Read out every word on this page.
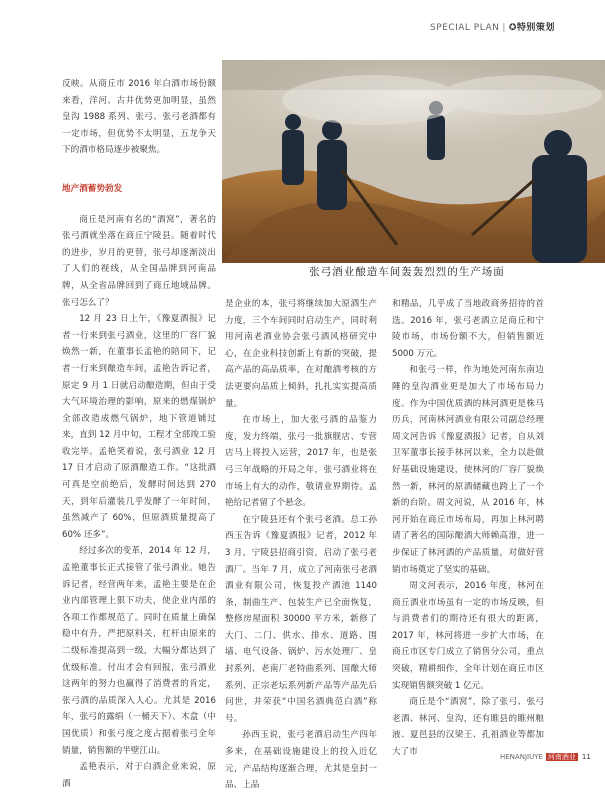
SPECIAL PLAN | ✪特别策划

反映。从商丘市 2016 年白酒市场份额来看，洋河、古井优势更加明显，虽然皇沟 1988 系列、张弓、张弓老酒都有一定市场，但优势不太明显，五龙争天下的酒市格局逐步被聚焦。

地产酒蓄势勃发

商丘是河南有名的“酒窝”，著名的张弓酒就坐落在商丘宁陵县。随着时代的进步，岁月的更替，张弓却逐渐淡出了人们的视线，从全国品牌到河南品牌，从全省品牌回到了商丘地域品牌。张弓怎么了？

12 月 23 日上午，《豫夏酒报》记者一行来到张弓酒业，这里的厂容厂貌焕然一新，在董事长孟艳的陪同下，记者一行来到酿造车间，孟艳告诉记者，原定 9 月 1 日就启动酿造期，但由于受大气环境治理的影响，原来的燃煤锅炉全部改造成燃气锅炉，地下管道铺过来，直到 12 月中旬，工程才全部竣工验收完毕。孟艳笑着说，张弓酒业 12 月 17 日才启动了原酒酿造工作。“这批酒可真是空前绝后，发酵时间达到 270 天，到年后灌装几乎发酵了一年时间，虽然减产了 60%，但原酒质量提高了 60% 还多”。

经过多次的变革，2014 年 12 月，孟艳董事长正式接管了张弓酒业。她告诉记者，经营两年来，孟艳主要是在企业内部管理上狠下功夫，使企业内部的各项工作都规范了。同时在质量上确保稳中有升，严把原料关，杠杆由原来的二级标准提高到一级，大幅分都达到了优级标准。付出才会有回报，张弓酒业这两年的努力也赢得了消费者的肯定，张弓酒的品质深入人心。尤其是 2016 年，张弓的露绢（一桶天下）、木盒（中国优质）和张弓度之度占据着张弓全年销量，销售额的半壁江山。

孟艳表示，对于白酒企业来说，原酒

张弓酒业酿造车间轰轰烈烈的生产场面

是企业的本，张弓将继续加大原酒生产力度，三个车间同时启动生产，同时利用河南老酒业协会张弓酒风格研究中心，在企业科技创新上有新的突破，提高产品的高品质率，在对酿酒考核的方法更要向品质上倾斜，扎扎实实提高质量。

在市场上，加大张弓酒的品鉴力度，发力终端，张弓一批旗舰店、专营店马上将投入运营，2017 年，也是张弓三年战略的开局之年，张弓酒业将在市场上有大的动作，敬请业界期待。孟艳给记者留了个悬念。

在宁陵县还有个张弓老酒。总工孙西玉告诉《豫夏酒报》记者，2012 年 3 月，宁陵县招商引资，启动了张弓老酒厂。当年 7 月，成立了河南张弓老酒酒业有限公司，恢复投产酒池 1140 条，制曲生产、包装生产已全面恢复，整修房屋面积 30000 平方米，新修了大门、二门、供水、排水、道路、围墙、电气设备、锅炉、污水处理厂、皇封系列、老南厂老特曲系列、国酿大师系列、正宗老坛系列新产品等产品先后问世，并荣获“中国名酒典范白酒”称号。

孙西玉说，张弓老酒启动生产四年多来，在基础设施建设上的投入近亿元，产品结构逐渐合理，尤其是皇封一品、上品

和精品，几乎成了当地政商务招待的首选。2016 年，张弓老酒立足商丘和宁陵市场，市场份额不大，但销售额近 5000 万元。

和张弓一样，作为地处河南东南边陲的皇沟酒业更是加大了市场布局力度。作为中国优质酒的林河酒更是株马历兵，河南林河酒业有限公司副总经理周文河告诉《豫夏酒报》记者，自从刘卫军董事长接手林河以来，全力以赴做好基础设施建设，使林河的厂容厂貌焕然一新，林河的原酒储藏也跨上了一个新的台阶。周文河说，从 2016 年，林河开始在商丘市场布局，再加上林河聘请了著名的国际酿酒大师赖高淮，进一步保证了林河酒的产品质量，对做好营销市场奠定了坚实的基础。

周文河表示，2016 年度，林河在商丘酒业市场虽有一定的市场反映，但与消费者们的期待还有很大的距离，2017 年，林河将进一步扩大市场，在商丘市区专门成立了销售分公司，重点突破，精耕细作，全年计划在商丘市区实现销售额突破 1 亿元。

商丘是个“酒窝”，除了张弓、张弓老酒、林河、皇沟，还有睢县的睢州粮液、夏邑县的汉梁王、孔祖酒业等都加大了市	HENANJIUYE 河南酒业 11
